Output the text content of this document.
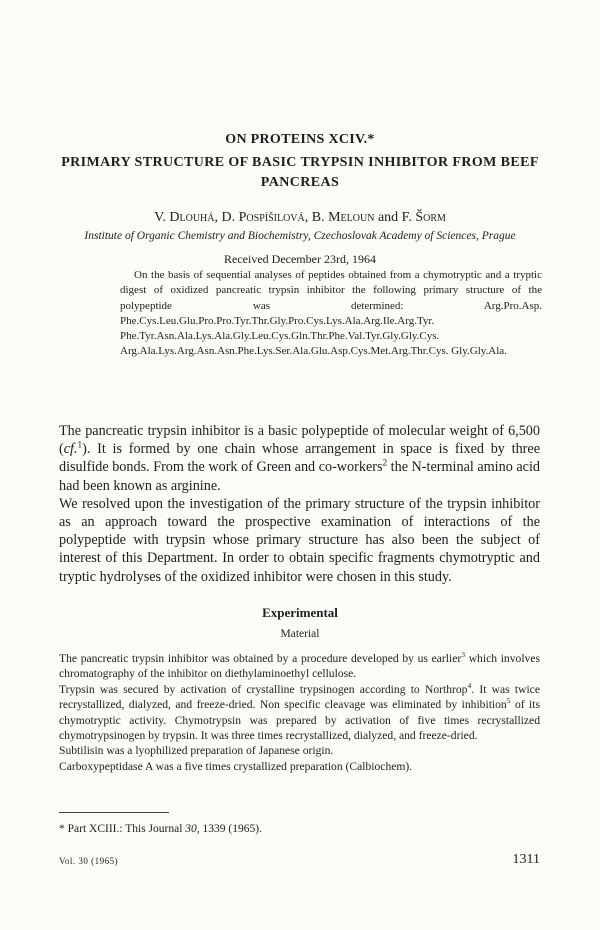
ON PROTEINS XCIV.*
PRIMARY STRUCTURE OF BASIC TRYPSIN INHIBITOR FROM BEEF PANCREAS
V. Dlouhá, D. Pospíšilová, B. Meloun and F. Šorm
Institute of Organic Chemistry and Biochemistry, Czechoslovak Academy of Sciences, Prague
Received December 23rd, 1964

On the basis of sequential analyses of peptides obtained from a chymotryptic and a tryptic digest of oxidized pancreatic trypsin inhibitor the following primary structure of the polypeptide was determined: Arg.Pro.Asp. Phe.Cys.Leu.Glu.Pro.Pro.Tyr.Thr.Gly.Pro.Cys.Lys.Ala.Arg.Ile.Arg.Tyr. Phe.Tyr.Asn.Ala.Lys.Ala.Gly.Leu.Cys.Gln.Thr.Phe.Val.Tyr.Gly.Gly.Cys. Arg.Ala.Lys.Arg.Asn.Asn.Phe.Lys.Ser.Ala.Glu.Asp.Cys.Met.Arg.Thr.Cys. Gly.Gly.Ala.

The pancreatic trypsin inhibitor is a basic polypeptide of molecular weight of 6,500 (cf.$^1$). It is formed by one chain whose arrangement in space is fixed by three disulfide bonds. From the work of Green and co-workers$^2$ the N-terminal amino acid had been known as arginine.

We resolved upon the investigation of the primary structure of the trypsin inhibitor as an approach toward the prospective examination of interactions of the polypeptide with trypsin whose primary structure has also been the subject of interest of this Department. In order to obtain specific fragments chymotryptic and tryptic hydrolyses of the oxidized inhibitor were chosen in this study.

Experimental
Material

The pancreatic trypsin inhibitor was obtained by a procedure developed by us earlier$^3$ which involves chromatography of the inhibitor on diethylaminoethyl cellulose.

Trypsin was secured by activation of crystalline trypsinogen according to Northrop$^4$. It was twice recrystallized, dialyzed, and freeze-dried. Non specific cleavage was eliminated by inhibition$^5$ of its chymotryptic activity. Chymotrypsin was prepared by activation of five times recrystallized chymotrypsinogen by trypsin. It was three times recrystallized, dialyzed, and freeze-dried.

Subtilisin was a lyophilized preparation of Japanese origin.

Carboxypeptidase A was a five times crystallized preparation (Calbiochem).

* Part XCIII.: This Journal 30, 1339 (1965).
Vol. 30 (1965)	1311
